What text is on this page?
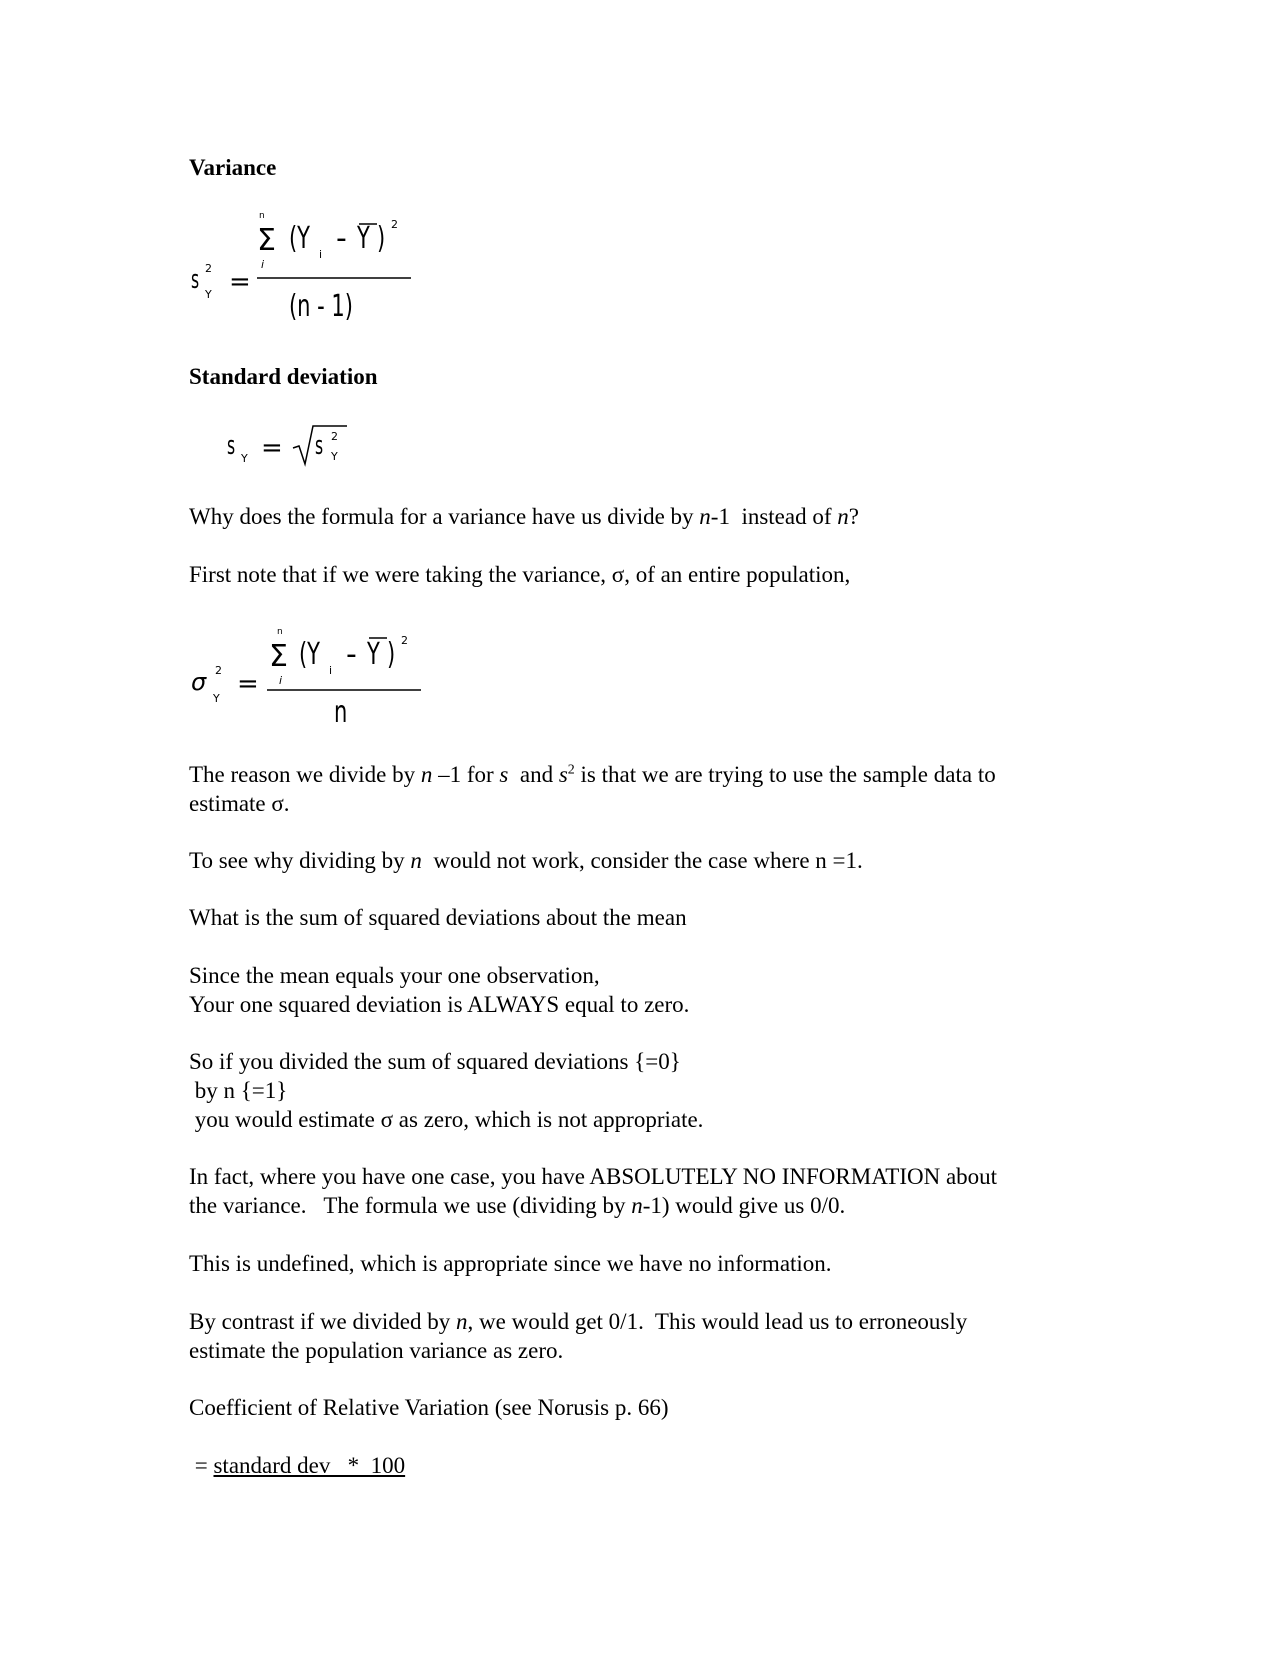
Variance
s 2
Y =
n
Σ
i
(Y i - Y ) 2
(n - 1)
Standard deviation
s Y = s 2
Y
Why does the formula for a variance have us divide by n-1  instead of n?
First note that if we were taking the variance, σ, of an entire population,
σ 2
Y =
n
Σ
i
(Y i - Y ) 2
n
The reason we divide by n –1 for s  and $s^2$ is that we are trying to use the sample data to
estimate σ.
To see why dividing by n  would not work, consider the case where n =1.
What is the sum of squared deviations about the mean
Since the mean equals your one observation,
Your one squared deviation is ALWAYS equal to zero.
So if you divided the sum of squared deviations {=0}
by n {=1}
you would estimate σ as zero, which is not appropriate.
In fact, where you have one case, you have ABSOLUTELY NO INFORMATION about
the variance.   The formula we use (dividing by n-1) would give us 0/0.
This is undefined, which is appropriate since we have no information.
By contrast if we divided by n, we would get 0/1.  This would lead us to erroneously
estimate the population variance as zero.
Coefficient of Relative Variation (see Norusis p. 66)
= standard dev   *  100
